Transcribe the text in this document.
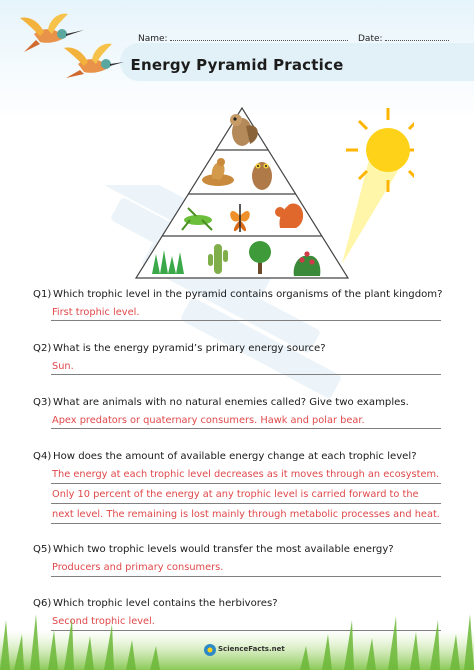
Name:	Date:
Energy Pyramid Practice
Q1) Which trophic level in the pyramid contains organisms of the plant kingdom?
First trophic level.
Q2) What is the energy pyramid’s primary energy source?
Sun.
Q3) What are animals with no natural enemies called? Give two examples.
Apex predators or quaternary consumers. Hawk and polar bear.
Q4) How does the amount of available energy change at each trophic level?
The energy at each trophic level decreases as it moves through an ecosystem.
Only 10 percent of the energy at any trophic level is carried forward to the
next level. The remaining is lost mainly through metabolic processes and heat.
Q5) Which two trophic levels would transfer the most available energy?
Producers and primary consumers.
Q6) Which trophic level contains the herbivores?
Second trophic level.
ScienceFacts.net
